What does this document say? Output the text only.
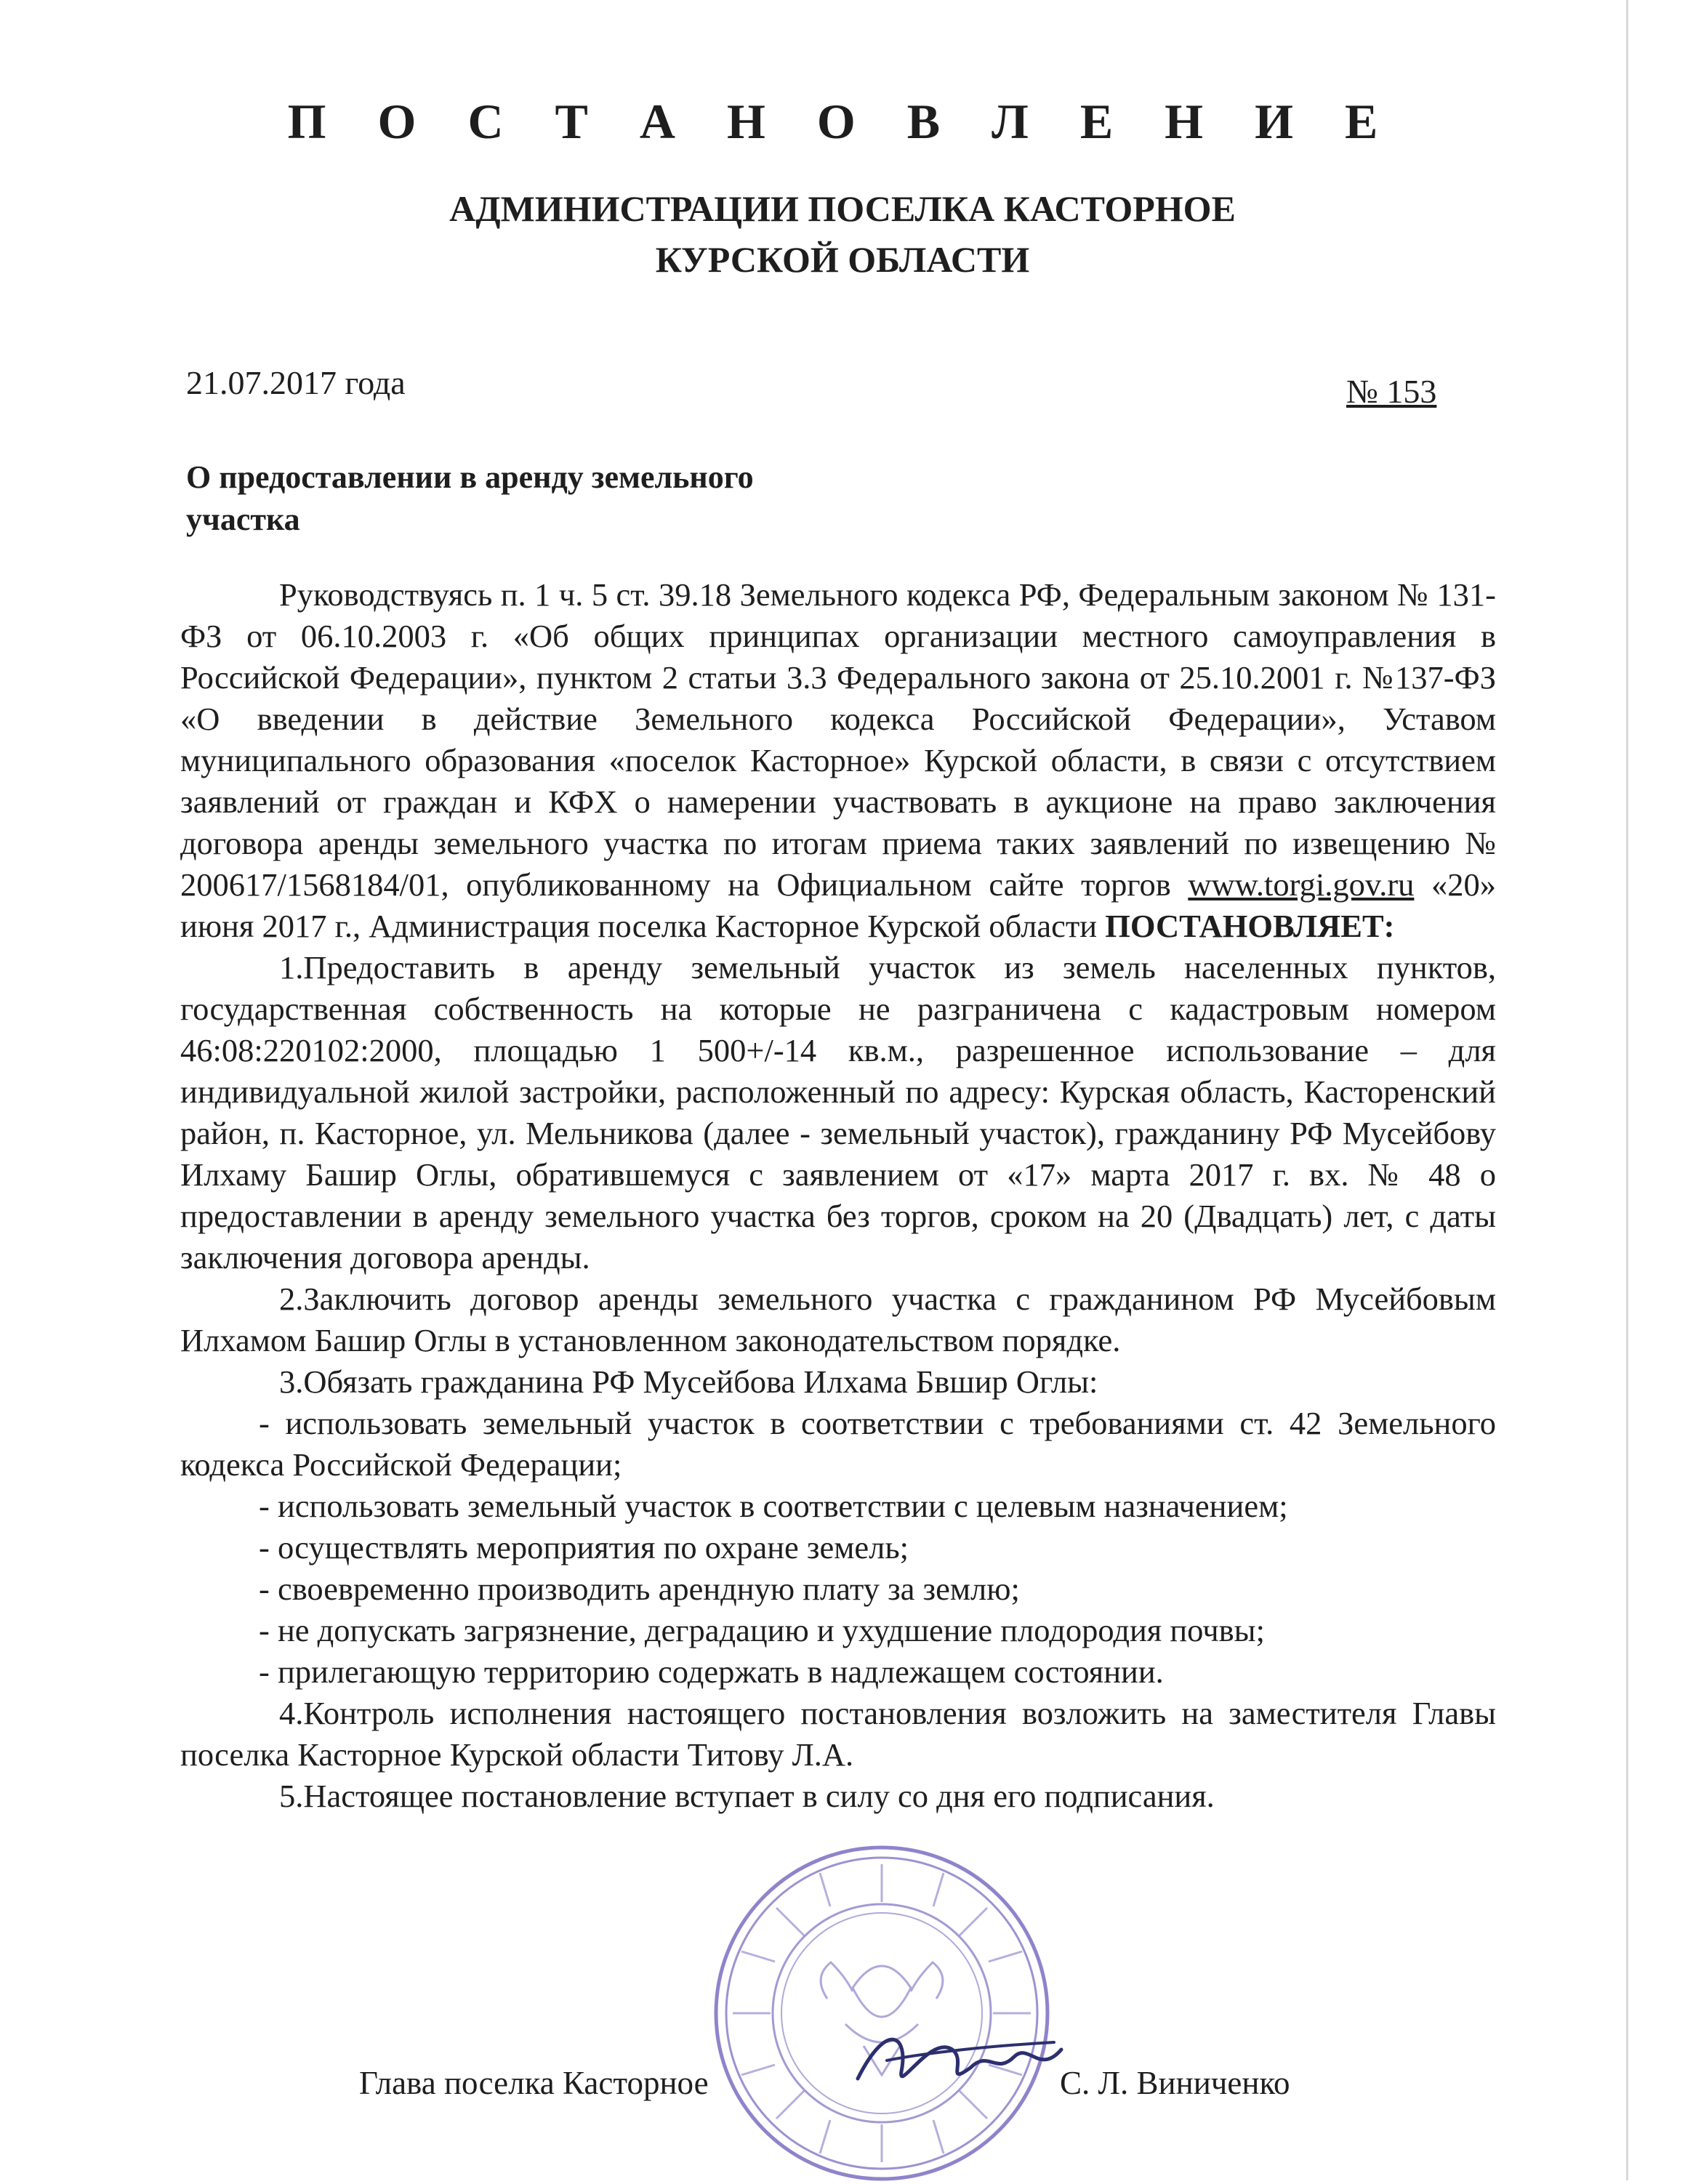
П О С Т А Н О В Л Е Н И Е
АДМИНИСТРАЦИИ ПОСЕЛКА КАСТОРНОЕ
КУРСКОЙ ОБЛАСТИ
21.07.2017 года	№ 153
О предоставлении в аренду земельного
участка

Руководствуясь п. 1 ч. 5 ст. 39.18 Земельного кодекса РФ, Федеральным законом № 131-ФЗ от 06.10.2003 г. «Об общих принципах организации местного самоуправления в Российской Федерации», пунктом 2 статьи 3.3 Федерального закона от 25.10.2001 г. №137-ФЗ «О введении в действие Земельного кодекса Российской Федерации», Уставом муниципального образования «поселок Касторное» Курской области, в связи с отсутствием заявлений от граждан и КФХ о намерении участвовать в аукционе на право заключения договора аренды земельного участка по итогам приема таких заявлений по извещению № 200617/1568184/01, опубликованному на Официальном сайте торгов www.torgi.gov.ru «20» июня 2017 г., Администрация поселка Касторное Курской области ПОСТАНОВЛЯЕТ:

1.Предоставить в аренду земельный участок из земель населенных пунктов, государственная собственность на которые не разграничена с кадастровым номером 46:08:220102:2000, площадью 1 500+/-14 кв.м., разрешенное использование – для индивидуальной жилой застройки, расположенный по адресу: Курская область, Касторенский район, п. Касторное, ул. Мельникова (далее - земельный участок), гражданину РФ Мусейбову Илхаму Башир Оглы, обратившемуся с заявлением от «17» марта 2017 г. вх. № 48 о предоставлении в аренду земельного участка без торгов, сроком на 20 (Двадцать) лет, с даты заключения договора аренды.

2.Заключить договор аренды земельного участка с гражданином РФ Мусейбовым Илхамом Башир Оглы в установленном законодательством порядке.

3.Обязать гражданина РФ Мусейбова Илхама Бвшир Оглы:

- использовать земельный участок в соответствии с требованиями ст. 42 Земельного кодекса Российской Федерации;

- использовать земельный участок в соответствии с целевым назначением;

- осуществлять мероприятия по охране земель;

- своевременно производить арендную плату за землю;

- не допускать загрязнение, деградацию и ухудшение плодородия почвы;

- прилегающую территорию содержать в надлежащем состоянии.

4.Контроль исполнения настоящего постановления возложить на заместителя Главы поселка Касторное Курской области Титову Л.А.

5.Настоящее постановление вступает в силу со дня его подписания.

Глава поселка Касторное	С. Л. Виниченко
